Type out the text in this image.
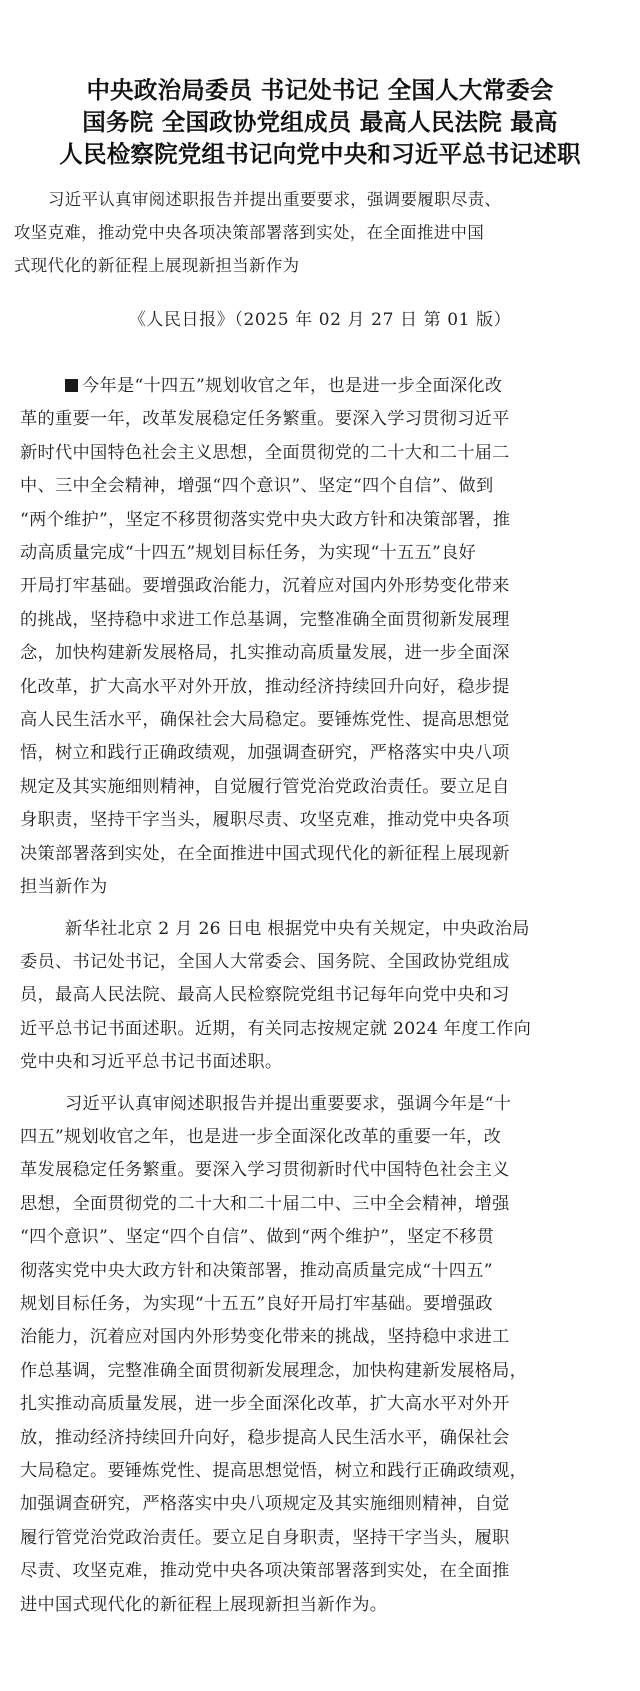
中央政治局委员 书记处书记 全国人大常委会
国务院 全国政协党组成员 最高人民法院 最高
人民检察院党组书记向党中央和习近平总书记述职
习近平认真审阅述职报告并提出重要要求，强调要履职尽责、
攻坚克难，推动党中央各项决策部署落到实处，在全面推进中国
式现代化的新征程上展现新担当新作为
《人民日报》（2025 年 02 月 27 日 第 01 版）
今年是“十四五”规划收官之年，也是进一步全面深化改
革的重要一年，改革发展稳定任务繁重。要深入学习贯彻习近平
新时代中国特色社会主义思想，全面贯彻党的二十大和二十届二
中、三中全会精神，增强“四个意识”、坚定“四个自信”、做到
“两个维护”，坚定不移贯彻落实党中央大政方针和决策部署，推
动高质量完成“十四五”规划目标任务，为实现“十五五”良好
开局打牢基础。要增强政治能力，沉着应对国内外形势变化带来
的挑战，坚持稳中求进工作总基调，完整准确全面贯彻新发展理
念，加快构建新发展格局，扎实推动高质量发展，进一步全面深
化改革，扩大高水平对外开放，推动经济持续回升向好，稳步提
高人民生活水平，确保社会大局稳定。要锤炼党性、提高思想觉
悟，树立和践行正确政绩观，加强调查研究，严格落实中央八项
规定及其实施细则精神，自觉履行管党治党政治责任。要立足自
身职责，坚持干字当头，履职尽责、攻坚克难，推动党中央各项
决策部署落到实处，在全面推进中国式现代化的新征程上展现新
担当新作为
新华社北京 2 月 26 日电 根据党中央有关规定，中央政治局
委员、书记处书记，全国人大常委会、国务院、全国政协党组成
员，最高人民法院、最高人民检察院党组书记每年向党中央和习
近平总书记书面述职。近期，有关同志按规定就 2024 年度工作向
党中央和习近平总书记书面述职。
习近平认真审阅述职报告并提出重要要求，强调今年是“十
四五”规划收官之年，也是进一步全面深化改革的重要一年，改
革发展稳定任务繁重。要深入学习贯彻新时代中国特色社会主义
思想，全面贯彻党的二十大和二十届二中、三中全会精神，增强
“四个意识”、坚定“四个自信”、做到“两个维护”，坚定不移贯
彻落实党中央大政方针和决策部署，推动高质量完成“十四五”
规划目标任务，为实现“十五五”良好开局打牢基础。要增强政
治能力，沉着应对国内外形势变化带来的挑战，坚持稳中求进工
作总基调，完整准确全面贯彻新发展理念，加快构建新发展格局，
扎实推动高质量发展，进一步全面深化改革，扩大高水平对外开
放，推动经济持续回升向好，稳步提高人民生活水平，确保社会
大局稳定。要锤炼党性、提高思想觉悟，树立和践行正确政绩观，
加强调查研究，严格落实中央八项规定及其实施细则精神，自觉
履行管党治党政治责任。要立足自身职责，坚持干字当头，履职
尽责、攻坚克难，推动党中央各项决策部署落到实处，在全面推
进中国式现代化的新征程上展现新担当新作为。
